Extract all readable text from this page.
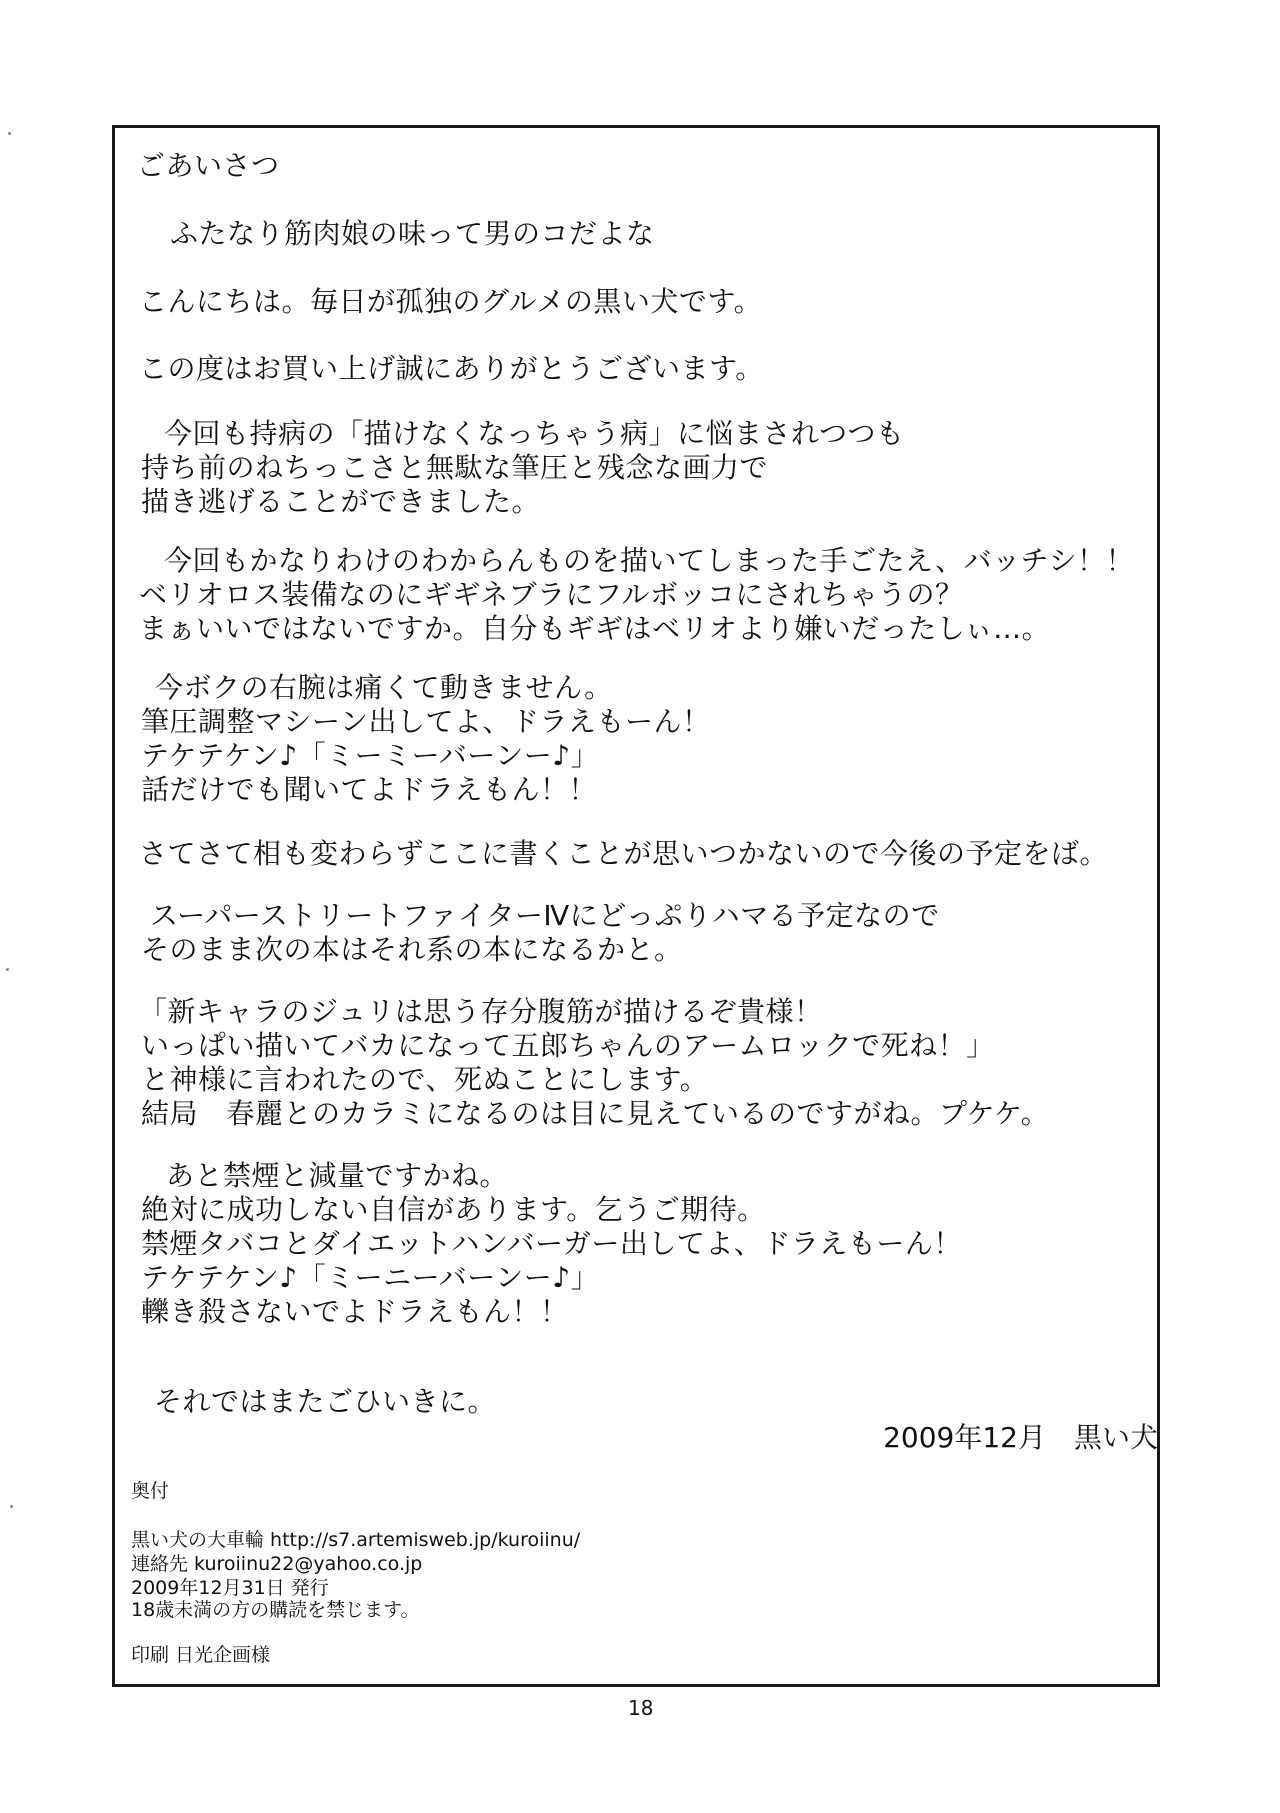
ごあいさつ

ふたなり筋肉娘の味って男のコだよな

こんにちは。毎日が孤独のグルメの黒い犬です。

この度はお買い上げ誠にありがとうございます。

今回も持病の「描けなくなっちゃう病」に悩まされつつも

持ち前のねちっこさと無駄な筆圧と残念な画力で

描き逃げることができました。

今回もかなりわけのわからんものを描いてしまった手ごたえ、バッチシ！！

ベリオロス装備なのにギギネブラにフルボッコにされちゃうの？

まぁいいではないですか。自分もギギはベリオより嫌いだったしぃ…。

今ボクの右腕は痛くて動きません。

筆圧調整マシーン出してよ、ドラえもーん！

テケテケン♪「ミーミーバーンー♪」

話だけでも聞いてよドラえもん！！

さてさて相も変わらずここに書くことが思いつかないので今後の予定をば。

スーパーストリートファイターⅣにどっぷりハマる予定なので

そのまま次の本はそれ系の本になるかと。

「新キャラのジュリは思う存分腹筋が描けるぞ貴様！

いっぱい描いてバカになって五郎ちゃんのアームロックで死ね！」

と神様に言われたので、死ぬことにします。

結局　春麗とのカラミになるのは目に見えているのですがね。プケケ。

あと禁煙と減量ですかね。

絶対に成功しない自信があります。乞うご期待。

禁煙タバコとダイエットハンバーガー出してよ、ドラえもーん！

テケテケン♪「ミーニーバーンー♪」

轢き殺さないでよドラえもん！！

それではまたごひいきに。

2009年12月　黒い犬

奥付

黒い犬の大車輪 http://s7.artemisweb.jp/kuroiinu/

連絡先 kuroiinu22@yahoo.co.jp

2009年12月31日 発行

18歳未満の方の購読を禁じます。

印刷 日光企画様

18
